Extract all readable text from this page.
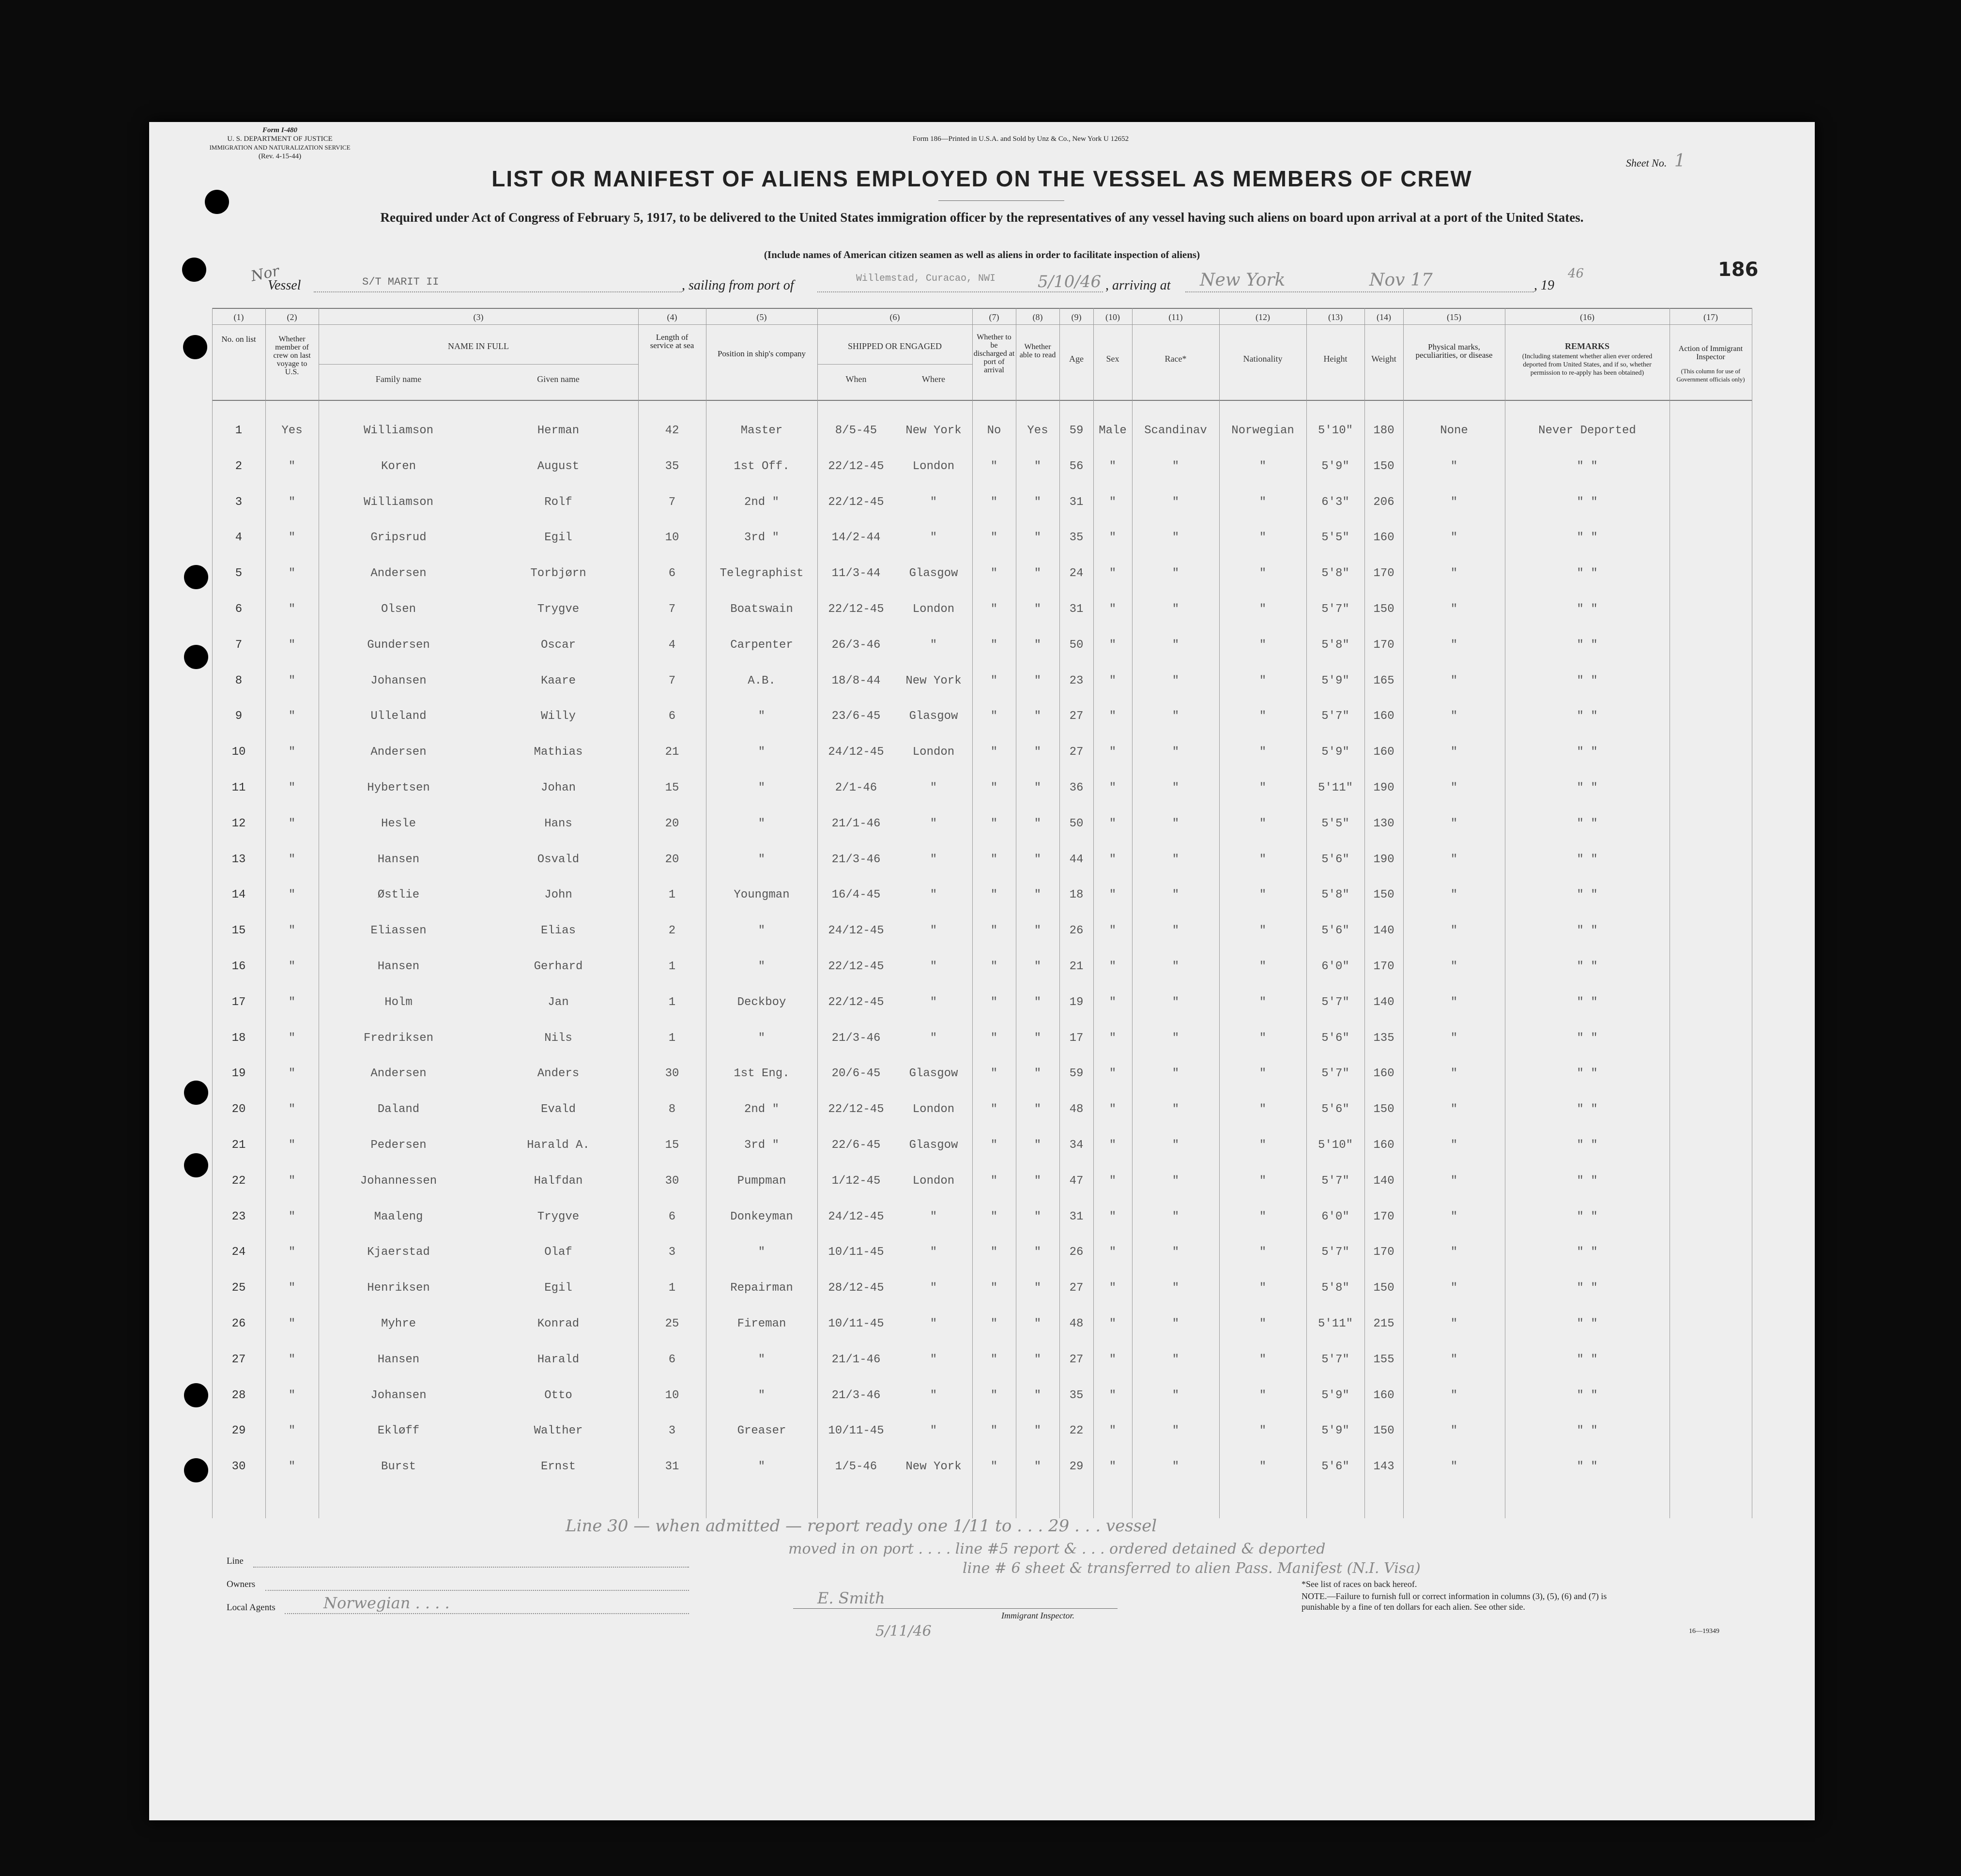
Form I-480
U. S. DEPARTMENT OF JUSTICE
IMMIGRATION AND NATURALIZATION SERVICE
(Rev. 4-15-44)
Form 186—Printed in U.S.A. and Sold by Unz & Co., New York U 12652
Sheet No. 1
LIST OR MANIFEST OF ALIENS EMPLOYED ON THE VESSEL AS MEMBERS OF CREW
Required under Act of Congress of February 5, 1917, to be delivered to the United States immigration officer by the representatives of any vessel having such aliens on board upon arrival at a port of the United States.
(Include names of American citizen seamen as well as aliens in order to facilitate inspection of aliens)
186
Nor
Vessel	S/T MARIT II	, sailing from port of	Willemstad, Curacao, NWI	5/10/46 , arriving at New York	Nov 17	, 19
46
(1)	(2)	(3)	(4)	(5)	(6)	(7)	(8)	(9)	(10)	(11)	(12)	(13)	(14)	(15)	(16)	(17)
No. on list	Whether member of crew on last voyage to U.S.
NAME IN FULL
Family name	Given name
Length of service at sea
Position in ship's company
SHIPPED OR ENGAGED
When	Where
Whether to be discharged at port of arrival
Whether able to read	Age	Sex	Race*	Nationality	Height	Weight
Physical marks, peculiarities, or disease
REMARKS
(Including statement whether alien ever ordered deported from United States, and if so, whether permission to re-apply has been obtained)
Action of Immigrant Inspector
(This column for use of Government officials only)
1	Yes	Williamson	Herman	42	Master	8/5-45	New York	No	Yes	59	Male	Scandinav	Norwegian	5'10"	180	None	Never Deported
2	"	Koren	August	35	1st Off.	22/12-45	London	"	"	56	"	"	"	5'9"	150	"	" "
3	"	Williamson	Rolf	7	2nd "	22/12-45	"	"	"	31	"	"	"	6'3"	206	"	" "
4	"	Gripsrud	Egil	10	3rd "	14/2-44	"	"	"	35	"	"	"	5'5"	160	"	" "
5	"	Andersen	Torbjørn	6	Telegraphist	11/3-44	Glasgow	"	"	24	"	"	"	5'8"	170	"	" "
6	"	Olsen	Trygve	7	Boatswain	22/12-45	London	"	"	31	"	"	"	5'7"	150	"	" "
7	"	Gundersen	Oscar	4	Carpenter	26/3-46	"	"	"	50	"	"	"	5'8"	170	"	" "
8	"	Johansen	Kaare	7	A.B.	18/8-44	New York	"	"	23	"	"	"	5'9"	165	"	" "
9	"	Ulleland	Willy	6	"	23/6-45	Glasgow	"	"	27	"	"	"	5'7"	160	"	" "
10	"	Andersen	Mathias	21	"	24/12-45	London	"	"	27	"	"	"	5'9"	160	"	" "
11	"	Hybertsen	Johan	15	"	2/1-46	"	"	"	36	"	"	"	5'11"	190	"	" "
12	"	Hesle	Hans	20	"	21/1-46	"	"	"	50	"	"	"	5'5"	130	"	" "
13	"	Hansen	Osvald	20	"	21/3-46	"	"	"	44	"	"	"	5'6"	190	"	" "
14	"	Østlie	John	1	Youngman	16/4-45	"	"	"	18	"	"	"	5'8"	150	"	" "
15	"	Eliassen	Elias	2	"	24/12-45	"	"	"	26	"	"	"	5'6"	140	"	" "
16	"	Hansen	Gerhard	1	"	22/12-45	"	"	"	21	"	"	"	6'0"	170	"	" "
17	"	Holm	Jan	1	Deckboy	22/12-45	"	"	"	19	"	"	"	5'7"	140	"	" "
18	"	Fredriksen	Nils	1	"	21/3-46	"	"	"	17	"	"	"	5'6"	135	"	" "
19	"	Andersen	Anders	30	1st Eng.	20/6-45	Glasgow	"	"	59	"	"	"	5'7"	160	"	" "
20	"	Daland	Evald	8	2nd "	22/12-45	London	"	"	48	"	"	"	5'6"	150	"	" "
21	"	Pedersen	Harald A.	15	3rd "	22/6-45	Glasgow	"	"	34	"	"	"	5'10"	160	"	" "
22	"	Johannessen	Halfdan	30	Pumpman	1/12-45	London	"	"	47	"	"	"	5'7"	140	"	" "
23	"	Maaleng	Trygve	6	Donkeyman	24/12-45	"	"	"	31	"	"	"	6'0"	170	"	" "
24	"	Kjaerstad	Olaf	3	"	10/11-45	"	"	"	26	"	"	"	5'7"	170	"	" "
25	"	Henriksen	Egil	1	Repairman	28/12-45	"	"	"	27	"	"	"	5'8"	150	"	" "
26	"	Myhre	Konrad	25	Fireman	10/11-45	"	"	"	48	"	"	"	5'11"	215	"	" "
27	"	Hansen	Harald	6	"	21/1-46	"	"	"	27	"	"	"	5'7"	155	"	" "
28	"	Johansen	Otto	10	"	21/3-46	"	"	"	35	"	"	"	5'9"	160	"	" "
29	"	Ekløff	Walther	3	Greaser	10/11-45	"	"	"	22	"	"	"	5'9"	150	"	" "
30	"	Burst	Ernst	31	"	1/5-46	New York	"	"	29	"	"	"	5'6"	143	"	" "
Line 30 — when admitted — report ready one 1/11 to . . . 29 . . . vessel
moved in on port . . . . line #5 report & . . . ordered detained & deported
line # 6 sheet & transferred to alien Pass. Manifest (N.I. Visa)
Line
Owners
Local Agents	Norwegian . . . .	E. Smith
Immigrant Inspector.
5/11/46
*See list of races on back hereof.
NOTE.—Failure to furnish full or correct information in columns (3), (5), (6) and (7) is punishable by a fine of ten dollars for each alien. See other side.
16—19349
